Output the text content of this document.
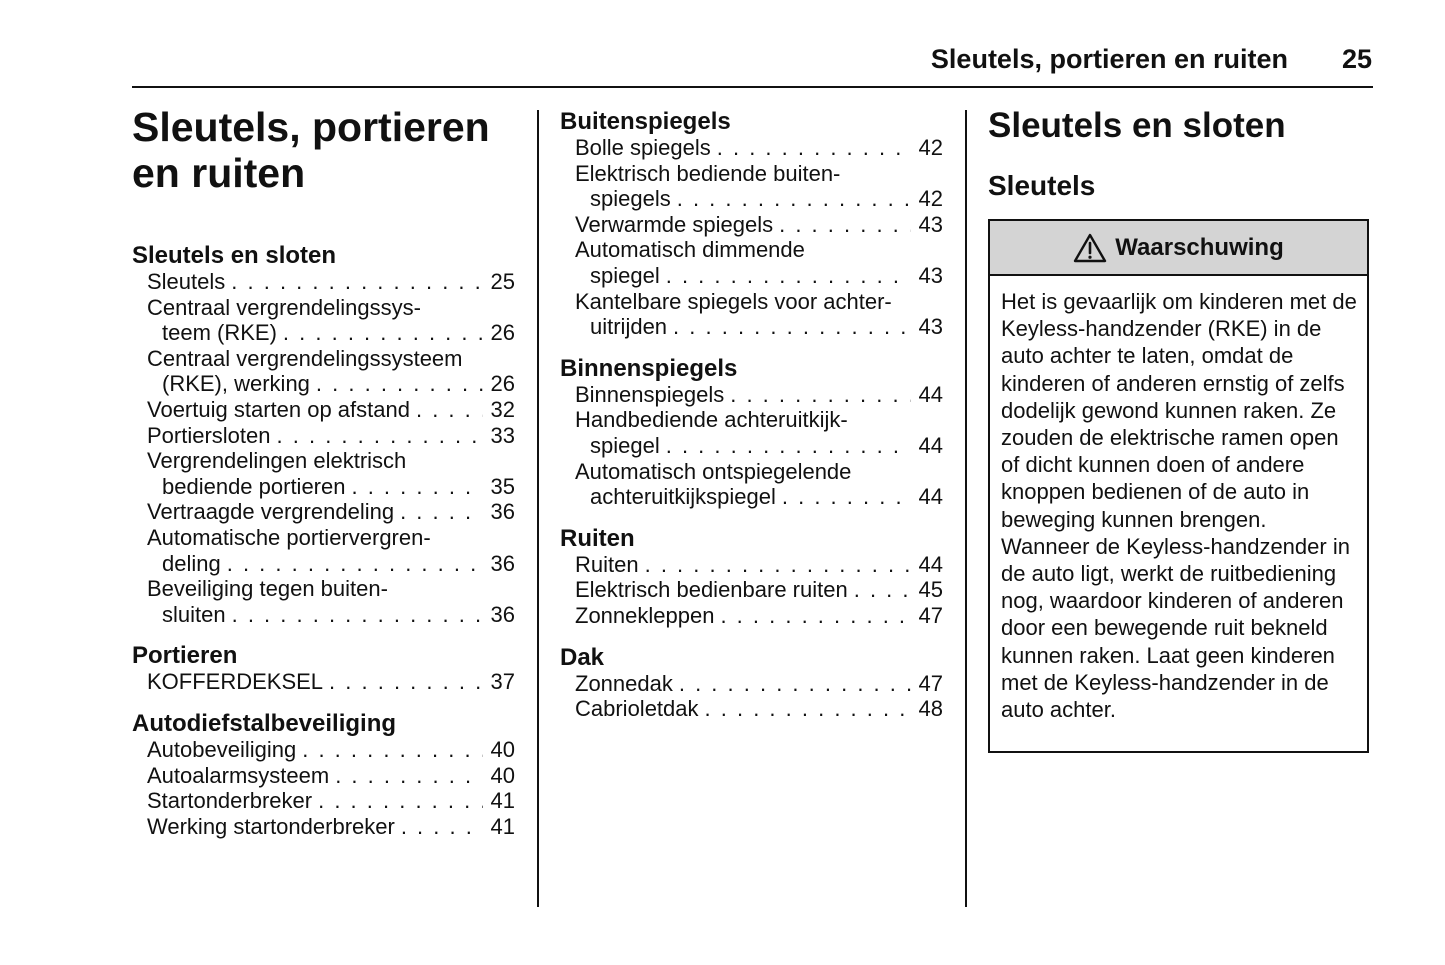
Sleutels, portieren en ruiten 25
Sleutels, portieren
en ruiten
Sleutels en sloten
Sleutels . . .	25
Centraal vergrendelingssys-
teem (RKE) . . .	26
Centraal vergrendelingssysteem
(RKE), werking . . .	26
Voertuig starten op afstand . . .	32
Portiersloten . . .	33
Vergrendelingen elektrisch
bediende portieren . . .	35
Vertraagde vergrendeling . . .	36
Automatische portiervergren-
deling . . .	36
Beveiliging tegen buiten-
sluiten . . .	36
Portieren
KOFFERDEKSEL . . .	37
Autodiefstalbeveiliging
Autobeveiliging . . .	40
Autoalarmsysteem . . .	40
Startonderbreker . . .	41
Werking startonderbreker . . .	41
Buitenspiegels
Bolle spiegels . . .	42
Elektrisch bediende buiten-
spiegels . . .	42
Verwarmde spiegels . . .	43
Automatisch dimmende
spiegel . . .	43
Kantelbare spiegels voor achter-
uitrijden . . .	43
Binnenspiegels
Binnenspiegels . . .	44
Handbediende achteruitkijk-
spiegel . . .	44
Automatisch ontspiegelende
achteruitkijkspiegel . . .	44
Ruiten
Ruiten . . .	44
Elektrisch bedienbare ruiten . . .	45
Zonnekleppen . . .	47
Dak
Zonnedak . . .	47
Cabrioletdak . . .	48
Sleutels en sloten
Sleutels
Waarschuwing

Het is gevaarlijk om kinderen met de Keyless-handzender (RKE) in de auto achter te laten, omdat de kinderen of anderen ernstig of zelfs dodelijk gewond kunnen raken. Ze zouden de elektrische ramen open of dicht kunnen doen of andere knoppen bedienen of de auto in beweging kunnen brengen. Wanneer de Keyless-handzender in de auto ligt, werkt de ruitbediening nog, waardoor kinderen of anderen door een bewegende ruit bekneld kunnen raken. Laat geen kinderen met de Keyless-handzender in de auto achter.
